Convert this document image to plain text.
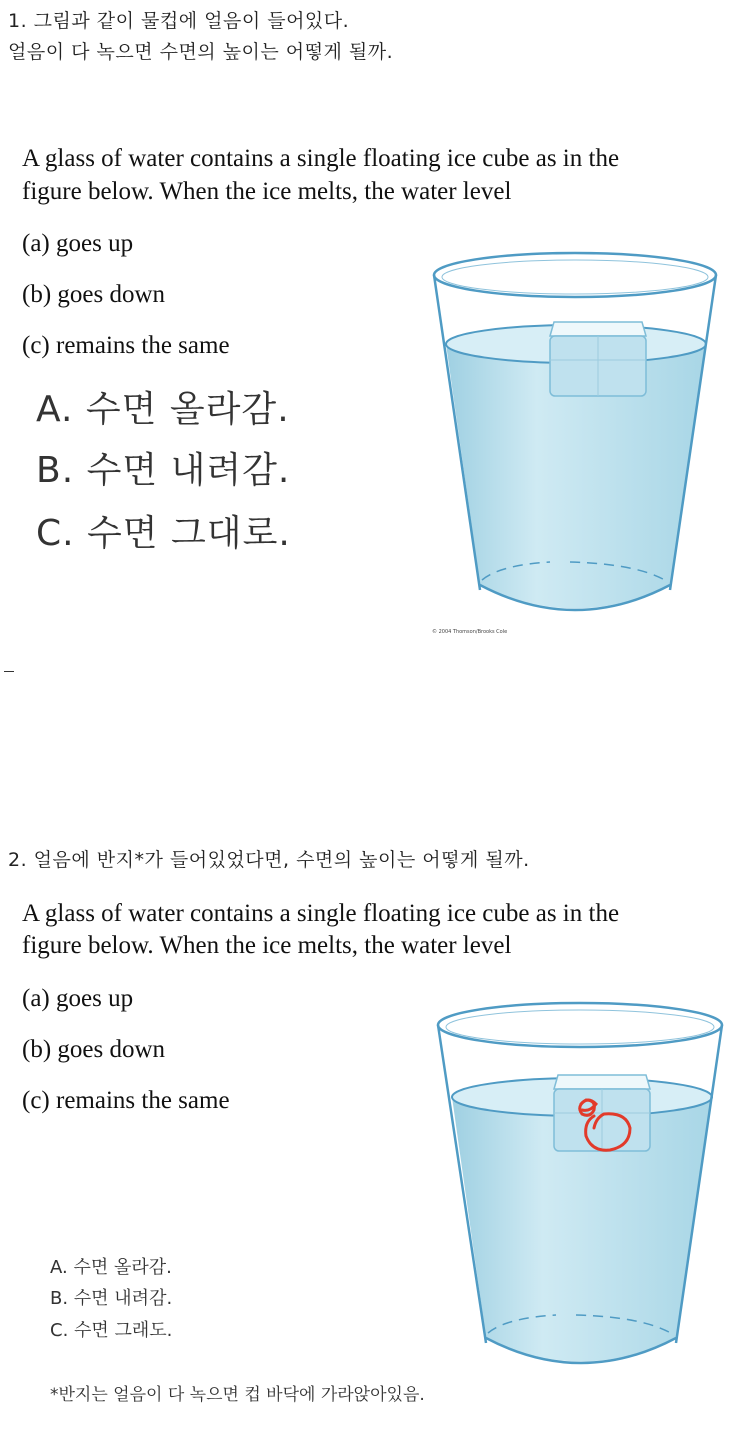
1. 그림과 같이 물컵에 얼음이 들어있다.

얼음이 다 녹으면 수면의 높이는 어떻게 될까.

A glass of water contains a single floating ice cube as in the

figure below. When the ice melts, the water level

(a) goes up

(b) goes down

(c) remains the same

A. 수면 올라감.

B. 수면 내려감.

C. 수면 그대로.

© 2004 Thomson/Brooks Cole

2. 얼음에 반지*가 들어있었다면, 수면의 높이는 어떻게 될까.

A glass of water contains a single floating ice cube as in the

figure below. When the ice melts, the water level

(a) goes up

(b) goes down

(c) remains the same

A. 수면 올라감.

B. 수면 내려감.

C. 수면 그래도.

*반지는 얼음이 다 녹으면 컵 바닥에 가라앉아있음.
